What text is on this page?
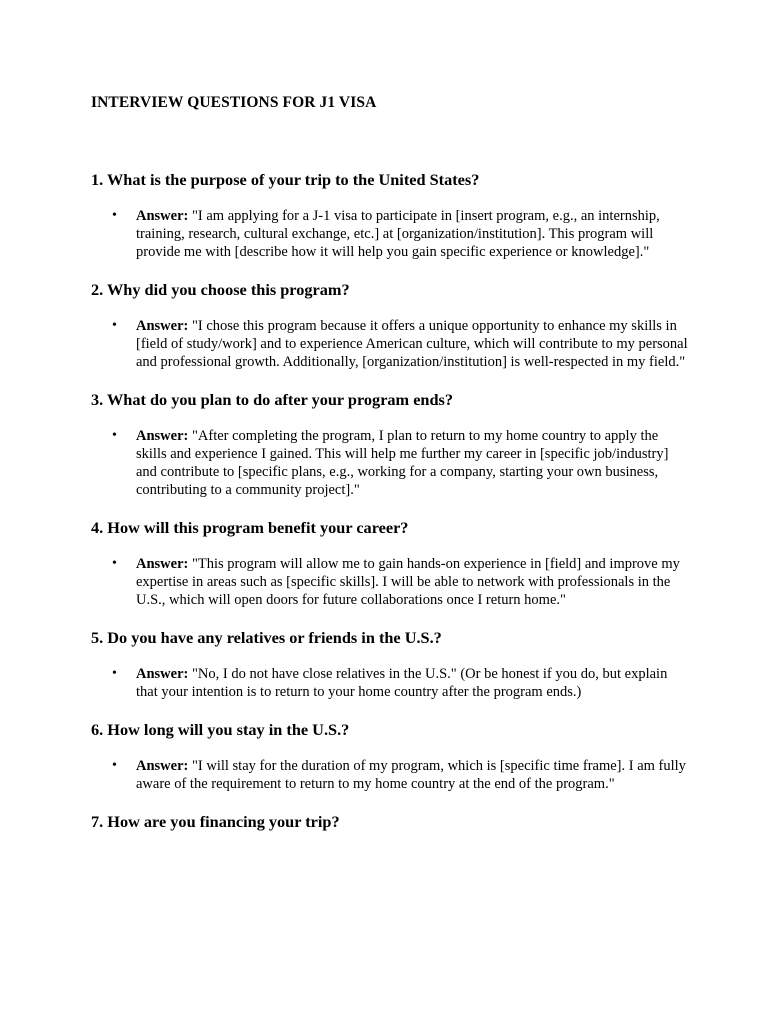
INTERVIEW QUESTIONS FOR J1 VISA
1. What is the purpose of your trip to the United States?
• Answer: "I am applying for a J-1 visa to participate in [insert program, e.g., an internship, training, research, cultural exchange, etc.] at [organization/institution]. This program will provide me with [describe how it will help you gain specific experience or knowledge]."
2. Why did you choose this program?
• Answer: "I chose this program because it offers a unique opportunity to enhance my skills in [field of study/work] and to experience American culture, which will contribute to my personal and professional growth. Additionally, [organization/institution] is well-respected in my field."
3. What do you plan to do after your program ends?
• Answer: "After completing the program, I plan to return to my home country to apply the skills and experience I gained. This will help me further my career in [specific job/industry] and contribute to [specific plans, e.g., working for a company, starting your own business, contributing to a community project]."
4. How will this program benefit your career?
• Answer: "This program will allow me to gain hands-on experience in [field] and improve my expertise in areas such as [specific skills]. I will be able to network with professionals in the U.S., which will open doors for future collaborations once I return home."
5. Do you have any relatives or friends in the U.S.?
• Answer: "No, I do not have close relatives in the U.S." (Or be honest if you do, but explain that your intention is to return to your home country after the program ends.)
6. How long will you stay in the U.S.?
• Answer: "I will stay for the duration of my program, which is [specific time frame]. I am fully aware of the requirement to return to my home country at the end of the program."
7. How are you financing your trip?
